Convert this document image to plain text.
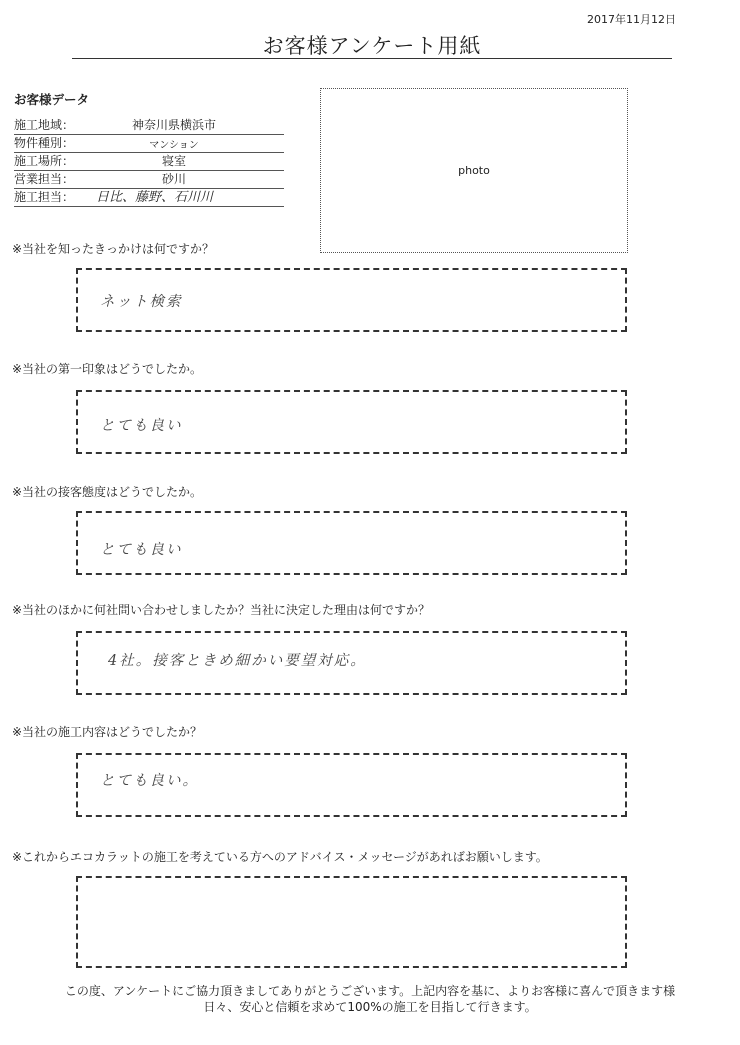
2017年11月12日
お客様アンケート用紙
お客様データ
施工地域：	神奈川県横浜市
物件種別：	マンション
施工場所：	寝室
営業担当：	砂川
施工担当：	日比、藤野、石川川
photo
※当社を知ったきっかけは何ですか？
ネット検索
※当社の第一印象はどうでしたか。
とても良い
※当社の接客態度はどうでしたか。
とても良い
※当社のほかに何社問い合わせしましたか？当社に決定した理由は何ですか？
4社。接客ときめ細かい要望対応。
※当社の施工内容はどうでしたか？
とても良い。
※これからエコカラットの施工を考えている方へのアドバイス・メッセージがあればお願いします。
この度、アンケートにご協力頂きましてありがとうございます。上記内容を基に、よりお客様に喜んで頂きます様
日々、安心と信頼を求めて100%の施工を目指して行きます。
